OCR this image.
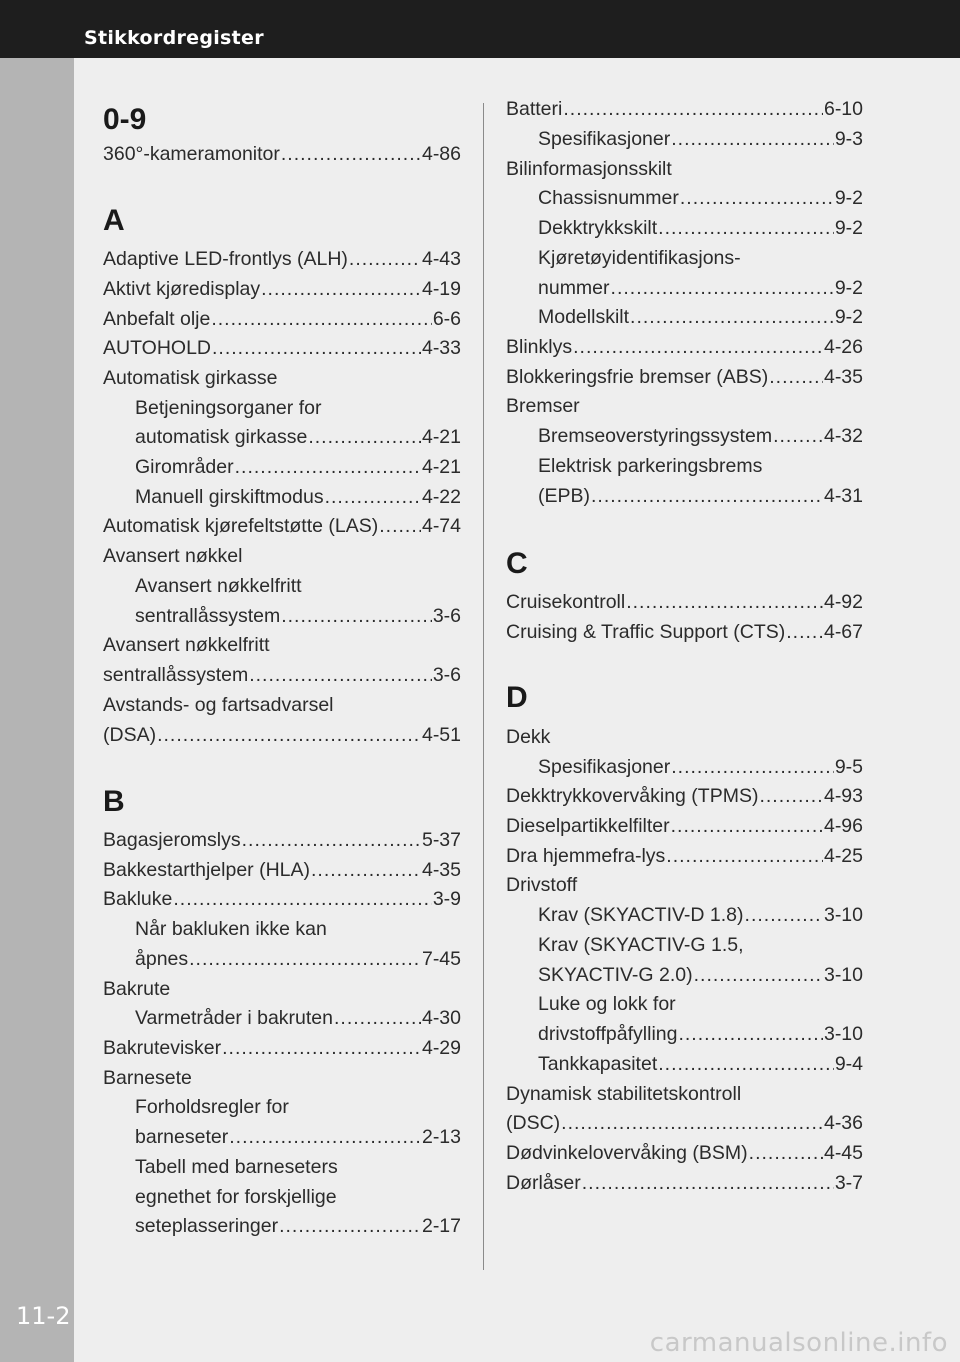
Stikkordregister
11-2
0-9
360°-kameramonitor .....	4-86
A
Adaptive LED-frontlys (ALH) .....	4-43
Aktivt kjøredisplay .....	4-19
Anbefalt olje .....	6-6
AUTOHOLD .....	4-33
Automatisk girkasse
Betjeningsorganer for
automatisk girkasse .....	4-21
Girområder .....	4-21
Manuell girskiftmodus .....	4-22
Automatisk kjørefeltstøtte (LAS) ..... 4-74
Avansert nøkkel
Avansert nøkkelfritt
sentrallåssystem .....	3-6
Avansert nøkkelfritt
sentrallåssystem .....	3-6
Avstands- og fartsadvarsel
(DSA) .....	4-51
B
Bagasjeromslys .....	5-37
Bakkestarthjelper (HLA) .....	4-35
Bakluke .....	3-9
Når bakluken ikke kan
åpnes .....	7-45
Bakrute
Varmetråder i bakruten .....	4-30
Bakrutevisker .....	4-29
Barnesete
Forholdsregler for
barneseter .....	2-13
Tabell med barneseters
egnethet for forskjellige
seteplasseringer .....	2-17
Batteri .....	6-10
Spesifikasjoner .....	9-3
Bilinformasjonsskilt
Chassisnummer .....	9-2
Dekktrykkskilt .....	9-2
Kjøretøyidentifikasjons-
nummer .....	9-2
Modellskilt .....	9-2
Blinklys .....	4-26
Blokkeringsfrie bremser (ABS) .....	4-35
Bremser
Bremseoverstyringssystem .....	4-32
Elektrisk parkeringsbrems
(EPB) .....	4-31
C
Cruisekontroll .....	4-92
Cruising & Traffic Support (CTS) ..... 4-67
D
Dekk
Spesifikasjoner .....	9-5
Dekktrykkovervåking (TPMS) .....	4-93
Dieselpartikkelfilter .....	4-96
Dra hjemmefra-lys .....	4-25
Drivstoff
Krav (SKYACTIV-D 1.8) .....	3-10
Krav (SKYACTIV-G 1.5,
SKYACTIV-G 2.0) .....	3-10
Luke og lokk for
drivstoffpåfylling .....	3-10
Tankkapasitet .....	9-4
Dynamisk stabilitetskontroll
(DSC) .....	4-36
Dødvinkelovervåking (BSM) .....	4-45
Dørlåser .....	3-7
carmanualsonline.info
